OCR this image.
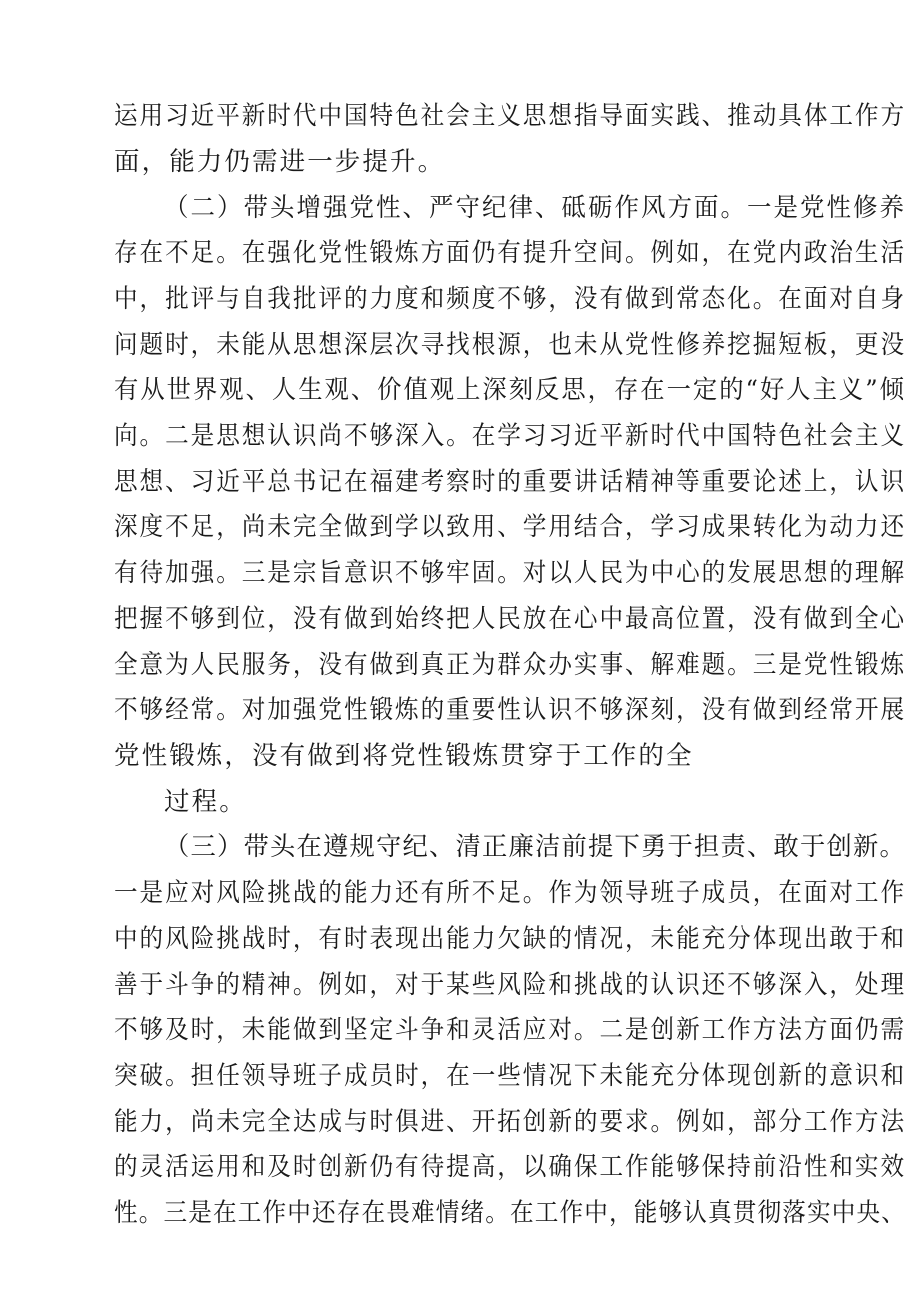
运用习近平新时代中国特色社会主义思想指导面实践、推动具体工作方
面，能力仍需进一步提升。
（二）带头增强党性、严守纪律、砥砺作风方面。一是党性修养
存在不足。在强化党性锻炼方面仍有提升空间。例如，在党内政治生活
中，批评与自我批评的力度和频度不够，没有做到常态化。在面对自身
问题时，未能从思想深层次寻找根源，也未从党性修养挖掘短板，更没
有从世界观、人生观、价值观上深刻反思，存在一定的“好人主义”倾
向。二是思想认识尚不够深入。在学习习近平新时代中国特色社会主义
思想、习近平总书记在福建考察时的重要讲话精神等重要论述上，认识
深度不足，尚未完全做到学以致用、学用结合，学习成果转化为动力还
有待加强。三是宗旨意识不够牢固。对以人民为中心的发展思想的理解
把握不够到位，没有做到始终把人民放在心中最高位置，没有做到全心
全意为人民服务，没有做到真正为群众办实事、解难题。三是党性锻炼
不够经常。对加强党性锻炼的重要性认识不够深刻，没有做到经常开展
党性锻炼，没有做到将党性锻炼贯穿于工作的全
过程。
（三）带头在遵规守纪、清正廉洁前提下勇于担责、敢于创新。
一是应对风险挑战的能力还有所不足。作为领导班子成员，在面对工作
中的风险挑战时，有时表现出能力欠缺的情况，未能充分体现出敢于和
善于斗争的精神。例如，对于某些风险和挑战的认识还不够深入，处理
不够及时，未能做到坚定斗争和灵活应对。二是创新工作方法方面仍需
突破。担任领导班子成员时，在一些情况下未能充分体现创新的意识和
能力，尚未完全达成与时俱进、开拓创新的要求。例如，部分工作方法
的灵活运用和及时创新仍有待提高，以确保工作能够保持前沿性和实效
性。三是在工作中还存在畏难情绪。在工作中，能够认真贯彻落实中央、
